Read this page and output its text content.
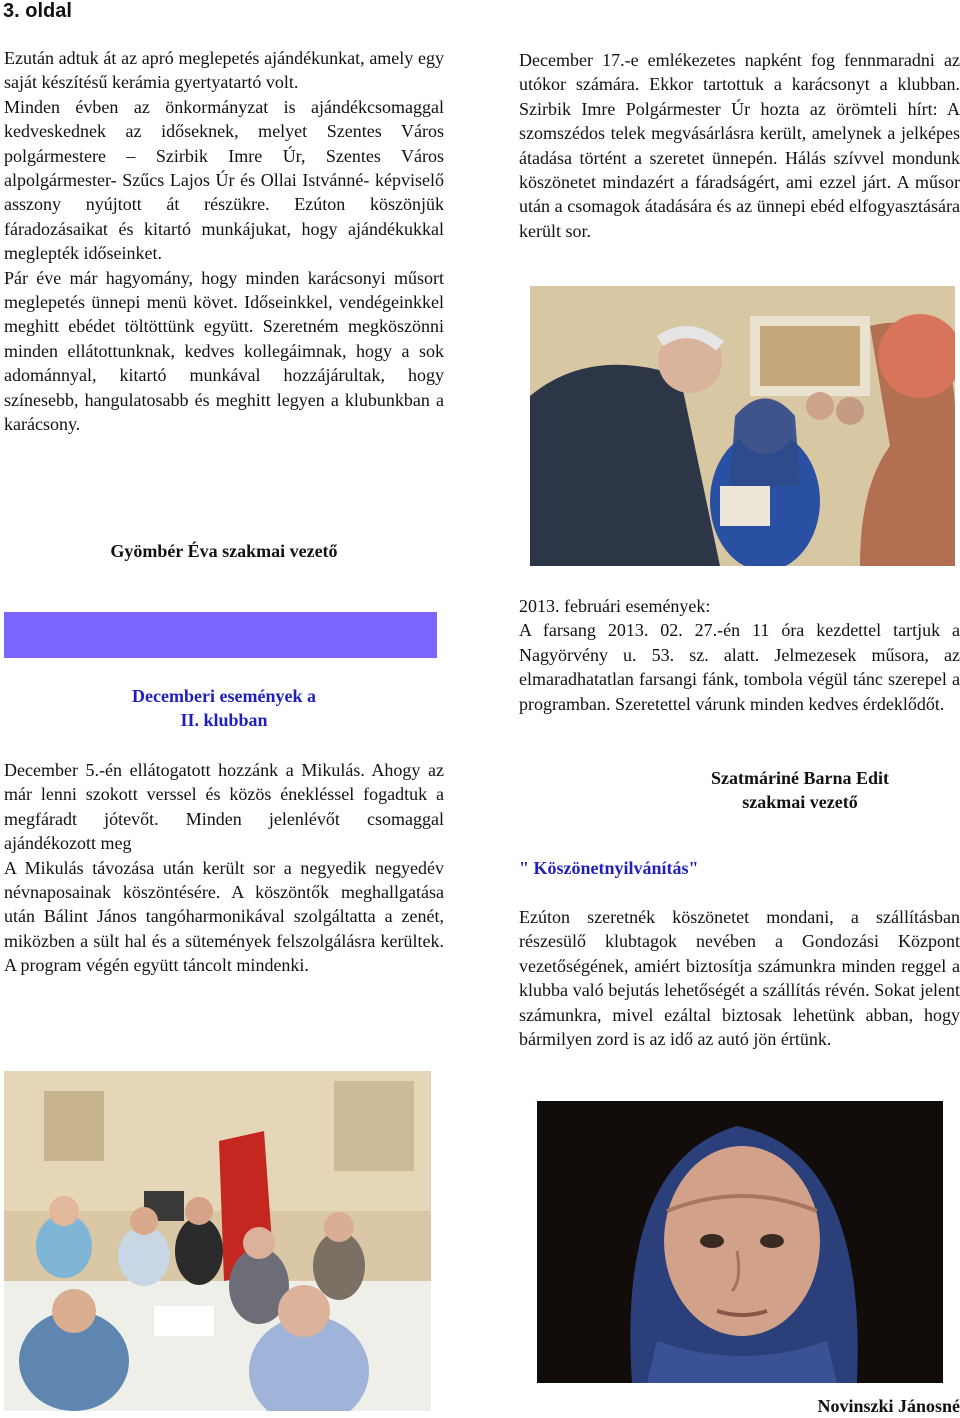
3. oldal

Ezután adtuk át az apró meglepetés ajándékunkat, amely egy saját készítésű kerámia gyertyatartó volt.

Minden évben az önkormányzat is ajándékcsomaggal kedveskednek az időseknek, melyet Szentes Város polgármestere – Szirbik Imre Úr, Szentes Város alpolgármester- Szűcs Lajos Úr és Ollai Istvánné- képviselő asszony nyújtott át részükre. Ezúton köszönjük fáradozásaikat és kitartó munkájukat, hogy ajándékukkal meglepték időseinket.

Pár éve már hagyomány, hogy minden karácsonyi műsort meglepetés ünnepi menü követ. Időseinkkel, vendégeinkkel meghitt ebédet töltöttünk együtt. Szeretném megköszönni minden ellátottunknak, kedves kollegáimnak, hogy a sok adománnyal, kitartó munkával hozzájárultak, hogy színesebb, hangulatosabb és meghitt legyen a klubunkban a karácsony.

Gyömbér Éva szakmai vezető
Decemberi események a
II. klubban

December 5.-én ellátogatott hozzánk a Mikulás. Ahogy az már lenni szokott verssel és közös énekléssel fogadtuk a megfáradt jótevőt. Minden jelenlévőt csomaggal ajándékozott meg

A Mikulás távozása után került sor a negyedik negyedév névnaposainak köszöntésére. A köszöntők meghallgatása után Bálint János tangóharmonikával szolgáltatta a zenét, miközben a sült hal és a sütemények felszolgálásra kerültek. A program végén együtt táncolt mindenki.

December 17.-e emlékezetes napként fog fennmaradni az utókor számára. Ekkor tartottuk a karácsonyt a klubban. Szirbik Imre Polgármester Úr hozta az örömteli hírt: A szomszédos telek megvásárlásra került, amelynek a jelképes átadása történt a szeretet ünnepén. Hálás szívvel mondunk köszönetet mindazért a fáradságért, ami ezzel járt. A műsor után a csomagok átadására és az ünnepi ebéd elfogyasztására került sor.

2013. februári események:

A farsang 2013. 02. 27.-én 11 óra kezdettel tartjuk a Nagyörvény u. 53. sz. alatt. Jelmezesek műsora, az elmaradhatatlan farsangi fánk, tombola végül tánc szerepel a programban. Szeretettel várunk minden kedves érdeklődőt.

Szatmáriné Barna Edit
szakmai vezető
" Köszönetnyilvánítás"

Ezúton szeretnék köszönetet mondani, a szállításban részesülő klubtagok nevében a Gondozási Központ vezetőségének, amiért biztosítja számunkra minden reggel a klubba való bejutás lehetőségét a szállítás révén. Sokat jelent számunkra, mivel ezáltal biztosak lehetünk abban, hogy bármilyen zord is az idő az autó jön értünk.

Novinszki Jánosné
